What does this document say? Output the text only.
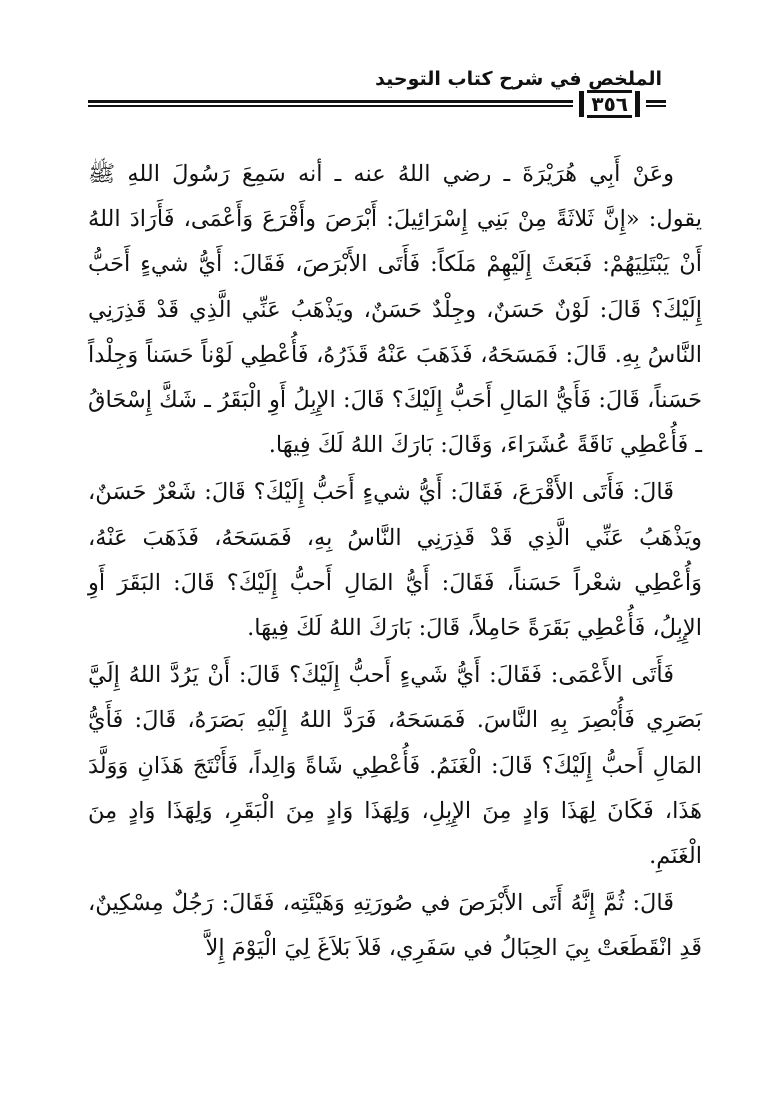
الملخص في شرح كتاب التوحيد
٣٥٦

وعَنْ أَبِي هُرَيْرَةَ ـ رضي اللهُ عنه ـ أنه سَمِعَ رَسُولَ اللهِ ﷺ يقول: «إِنَّ ثَلاثَةً مِنْ بَنِي إِسْرَائِيلَ: أَبْرَصَ وأَقْرَعَ وَأَعْمَى، فَأَرَادَ اللهُ أَنْ يَبْتَلِيَهُمْ: فَبَعَثَ إِلَيْهِمْ مَلَكاً: فَأَتَى الأَبْرَصَ، فَقَالَ: أَيُّ شيءٍ أَحَبُّ إِلَيْكَ؟ قَالَ: لَوْنٌ حَسَنٌ، وجِلْدٌ حَسَنٌ، ويَذْهَبُ عَنِّي الَّذِي قَدْ قَذِرَنِي النَّاسُ بِهِ. قَالَ: فَمَسَحَهُ، فَذَهَبَ عَنْهُ قَذَرُهُ، فَأُعْطِي لَوْناً حَسَناً وَجِلْداً حَسَناً، قَالَ: فَأَيُّ المَالِ أَحَبُّ إِلَيْكَ؟ قَالَ: الإِبِلُ أَوِ الْبَقَرُ ـ شَكَّ إِسْحَاقُ ـ فَأُعْطِي نَاقَةً عُشَرَاءَ، وَقَالَ: بَارَكَ اللهُ لَكَ فِيهَا.

قَالَ: فَأَتَى الأَقْرَعَ، فَقَالَ: أَيُّ شيءٍ أَحَبُّ إِلَيْكَ؟ قَالَ: شَعْرٌ حَسَنٌ، ويَذْهَبُ عَنِّي الَّذِي قَدْ قَذِرَنِي النَّاسُ بِهِ، فَمَسَحَهُ، فَذَهَبَ عَنْهُ، وَأُعْطِي شعْراً حَسَناً، فَقَالَ: أَيُّ المَالِ أَحبُّ إِلَيْكَ؟ قَالَ: البَقَرَ أَوِ الإِبِلُ، فَأُعْطِي بَقَرَةً حَامِلاً، قَالَ: بَارَكَ اللهُ لَكَ فِيهَا.

فَأَتَى الأَعْمَى: فَقَالَ: أَيُّ شَيءٍ أَحبُّ إِلَيْكَ؟ قَالَ: أَنْ يَرُدَّ اللهُ إِلَيَّ بَصَرِي فَأُبْصِرَ بِهِ النَّاسَ. فَمَسَحَهُ، فَرَدَّ اللهُ إِلَيْهِ بَصَرَهُ، قَالَ: فَأَيُّ المَالِ أَحبُّ إِلَيْكَ؟ قَالَ: الْغَنَمُ. فَأُعْطِي شَاةً وَالِداً، فَأَنْتَجَ هَذَانِ وَوَلَّدَ هَذَا، فَكَانَ لِهَذَا وَادٍ مِنَ الإِبِلِ، وَلِهَذَا وَادٍ مِنَ الْبَقَرِ، وَلِهَذَا وَادٍ مِنَ الْغَنَمِ.

قَالَ: ثُمَّ إِنَّهُ أَتَى الأَبْرَصَ في صُورَتِهِ وَهَيْئَتِه، فَقَالَ: رَجُلٌ مِسْكِينٌ، قَدِ انْقَطَعَتْ بِيَ الحِبَالُ في سَفَرِي، فَلاَ بَلاَغَ لِيَ الْيَوْمَ إِلاَّ
